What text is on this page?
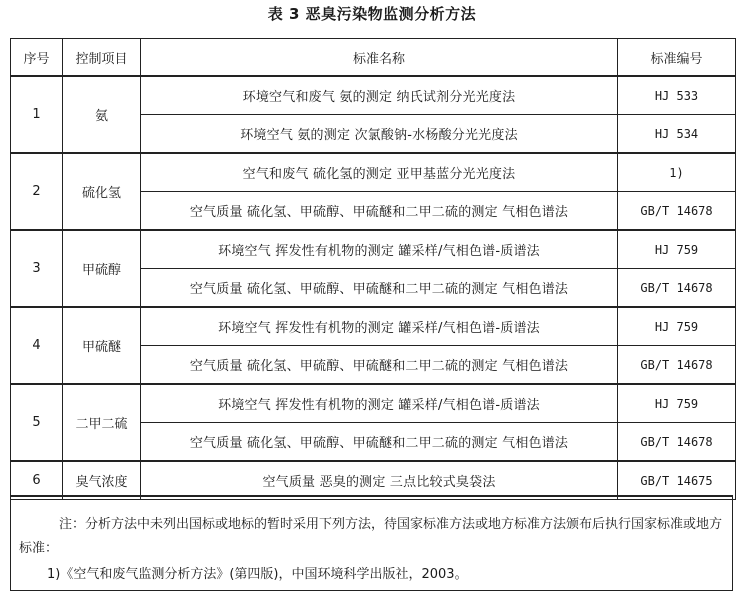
表 3 恶臭污染物监测分析方法
序号	控制项目	标准名称	标准编号
1	氨	环境空气和废气 氨的测定 纳氏试剂分光光度法	HJ 533
		环境空气 氨的测定 次氯酸钠-水杨酸分光光度法	HJ 534
2	硫化氢	空气和废气 硫化氢的测定 亚甲基蓝分光光度法	1)
		空气质量 硫化氢、甲硫醇、甲硫醚和二甲二硫的测定 气相色谱法	GB/T 14678
3	甲硫醇	环境空气 挥发性有机物的测定 罐采样/气相色谱-质谱法	HJ 759
		空气质量 硫化氢、甲硫醇、甲硫醚和二甲二硫的测定 气相色谱法	GB/T 14678
4	甲硫醚	环境空气 挥发性有机物的测定 罐采样/气相色谱-质谱法	HJ 759
		空气质量 硫化氢、甲硫醇、甲硫醚和二甲二硫的测定 气相色谱法	GB/T 14678
5	二甲二硫	环境空气 挥发性有机物的测定 罐采样/气相色谱-质谱法	HJ 759
		空气质量 硫化氢、甲硫醇、甲硫醚和二甲二硫的测定 气相色谱法	GB/T 14678
6	臭气浓度	空气质量 恶臭的测定 三点比较式臭袋法	GB/T 14675
注：分析方法中未列出国标或地标的暂时采用下列方法，待国家标准方法或地方标准方法颁布后执行国家标准或地方标准：
1)《空气和废气监测分析方法》(第四版)，中国环境科学出版社，2003。
